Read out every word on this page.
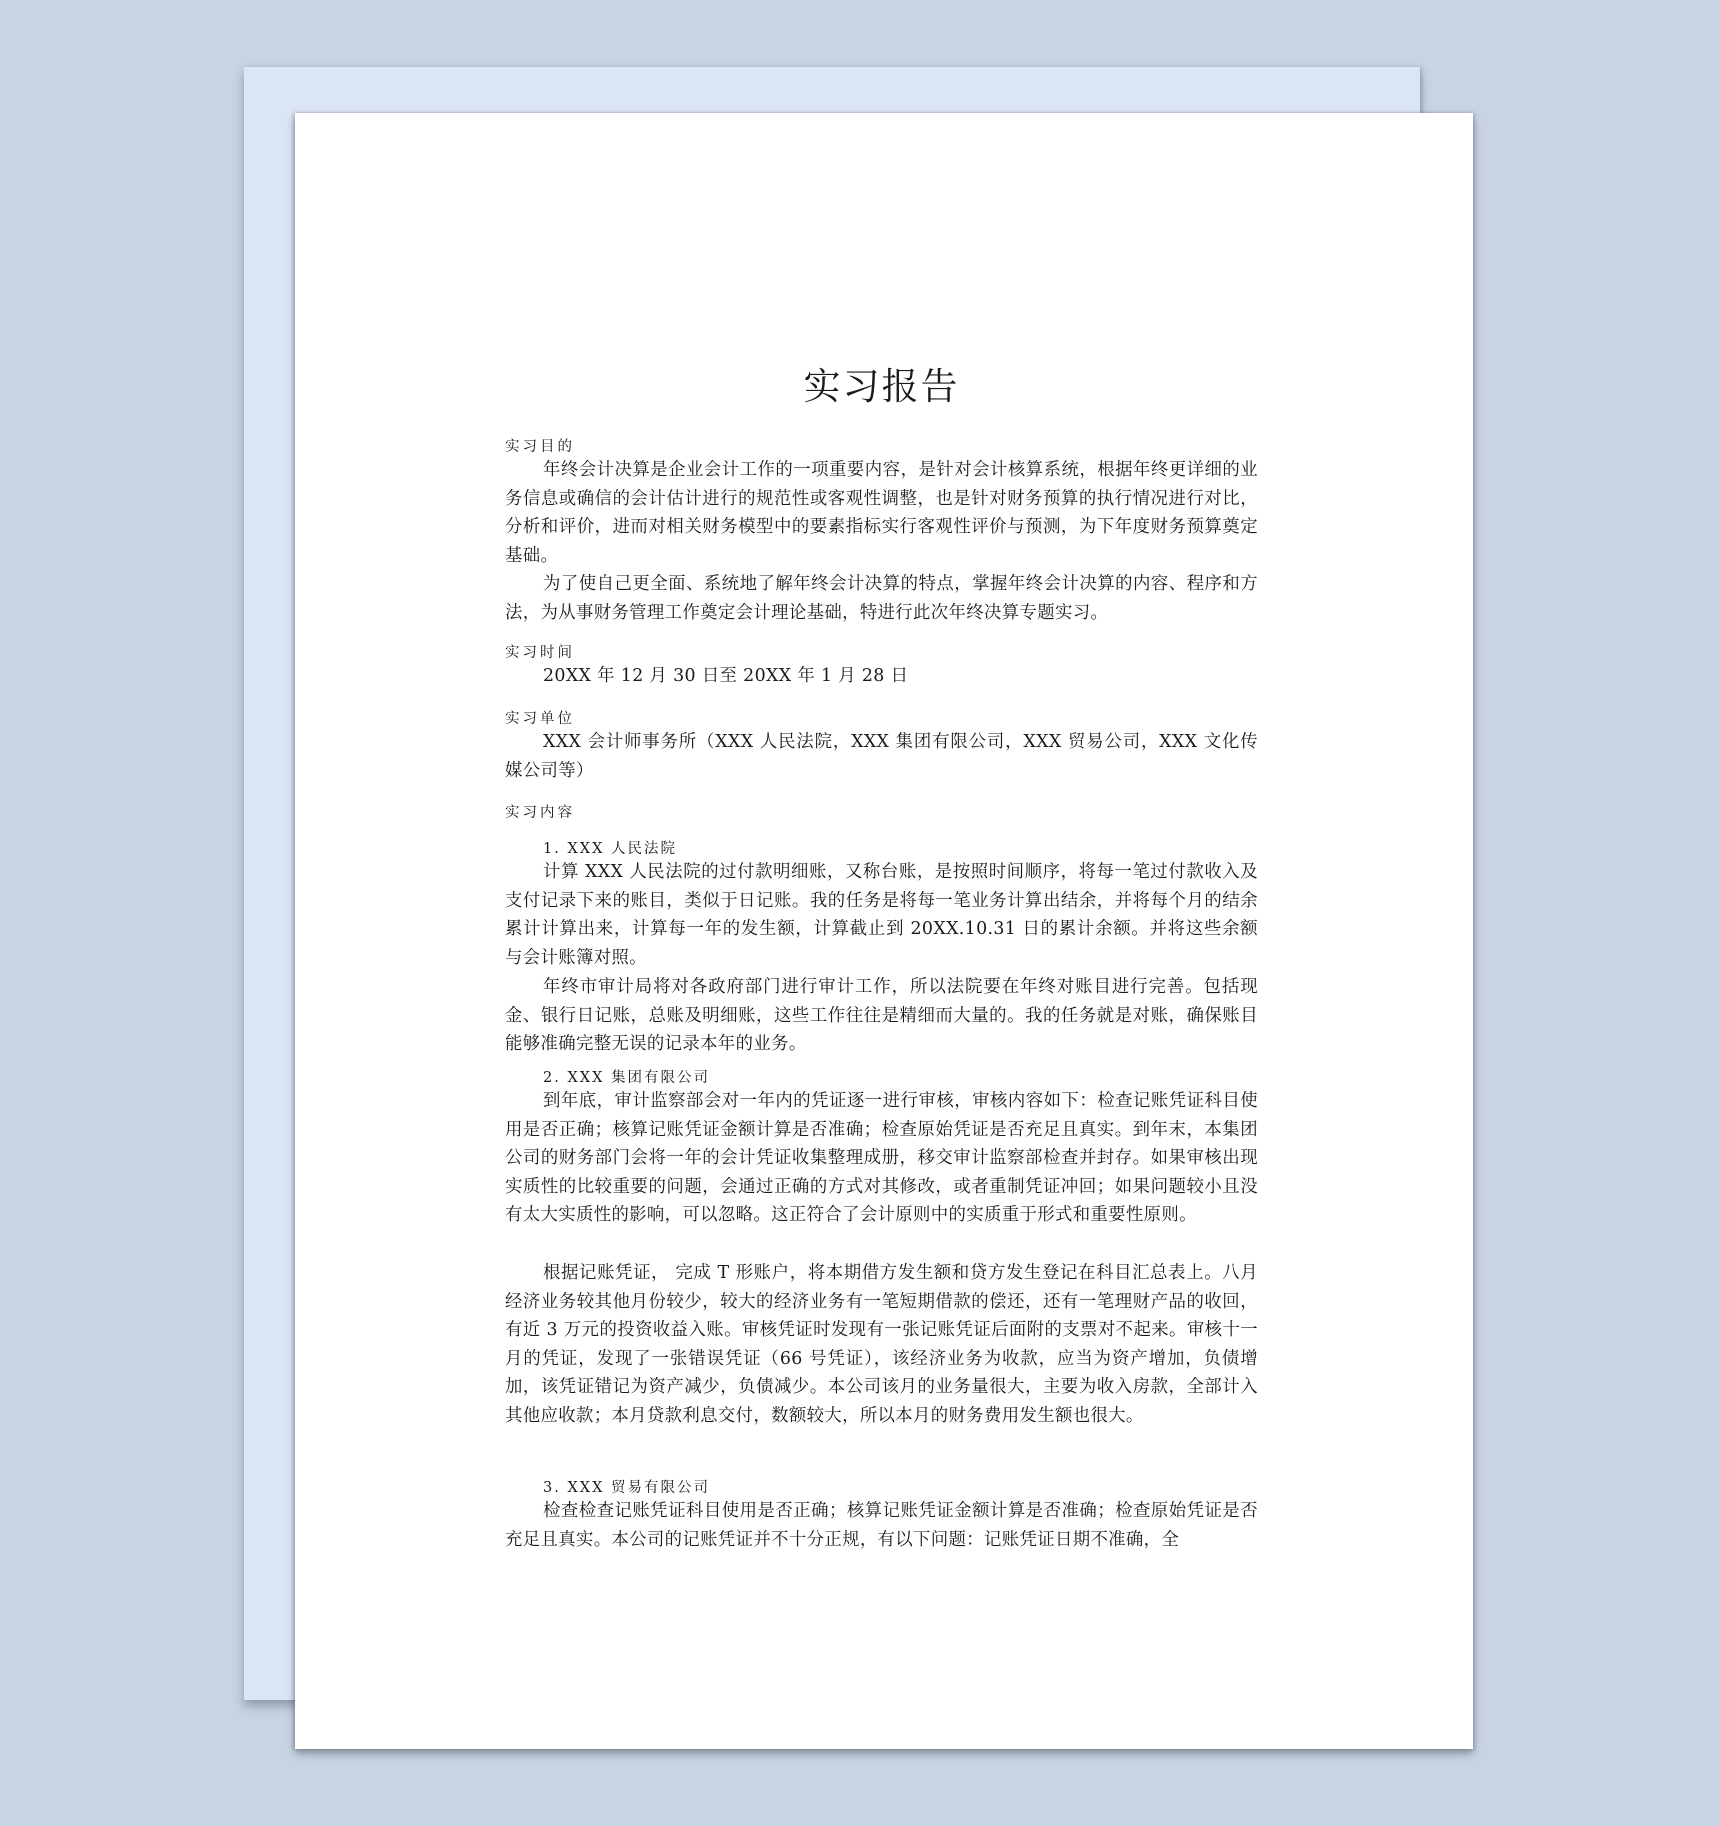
实习报告
实习目的

年终会计决算是企业会计工作的一项重要内容，是针对会计核算系统，根据年终更详细的业务信息或确信的会计估计进行的规范性或客观性调整，也是针对财务预算的执行情况进行对比，分析和评价，进而对相关财务模型中的要素指标实行客观性评价与预测，为下年度财务预算奠定基础。

为了使自己更全面、系统地了解年终会计决算的特点，掌握年终会计决算的内容、程序和方法，为从事财务管理工作奠定会计理论基础，特进行此次年终决算专题实习。

实习时间

20XX 年 12 月 30 日至 20XX 年 1 月 28 日

实习单位

XXX 会计师事务所（XXX 人民法院，XXX 集团有限公司，XXX 贸易公司，XXX 文化传媒公司等）

实习内容
1. XXX 人民法院

计算 XXX 人民法院的过付款明细账，又称台账，是按照时间顺序，将每一笔过付款收入及支付记录下来的账目，类似于日记账。我的任务是将每一笔业务计算出结余，并将每个月的结余累计计算出来，计算每一年的发生额，计算截止到 20XX.10.31 日的累计余额。并将这些余额与会计账簿对照。

年终市审计局将对各政府部门进行审计工作，所以法院要在年终对账目进行完善。包括现金、银行日记账，总账及明细账，这些工作往往是精细而大量的。我的任务就是对账，确保账目能够准确完整无误的记录本年的业务。

2. XXX 集团有限公司

到年底，审计监察部会对一年内的凭证逐一进行审核，审核内容如下：检查记账凭证科目使用是否正确；核算记账凭证金额计算是否准确；检查原始凭证是否充足且真实。到年末，本集团公司的财务部门会将一年的会计凭证收集整理成册，移交审计监察部检查并封存。如果审核出现实质性的比较重要的问题，会通过正确的方式对其修改，或者重制凭证冲回；如果问题较小且没有太大实质性的影响，可以忽略。这正符合了会计原则中的实质重于形式和重要性原则。

根据记账凭证， 完成 T 形账户，将本期借方发生额和贷方发生登记在科目汇总表上。八月经济业务较其他月份较少，较大的经济业务有一笔短期借款的偿还，还有一笔理财产品的收回，有近 3 万元的投资收益入账。审核凭证时发现有一张记账凭证后面附的支票对不起来。审核十一月的凭证，发现了一张错误凭证（66 号凭证），该经济业务为收款，应当为资产增加，负债增加，该凭证错记为资产减少，负债减少。本公司该月的业务量很大，主要为收入房款，全部计入其他应收款；本月贷款利息交付，数额较大，所以本月的财务费用发生额也很大。

3. XXX 贸易有限公司

检查检查记账凭证科目使用是否正确；核算记账凭证金额计算是否准确；检查原始凭证是否充足且真实。本公司的记账凭证并不十分正规，有以下问题：记账凭证日期不准确，全
